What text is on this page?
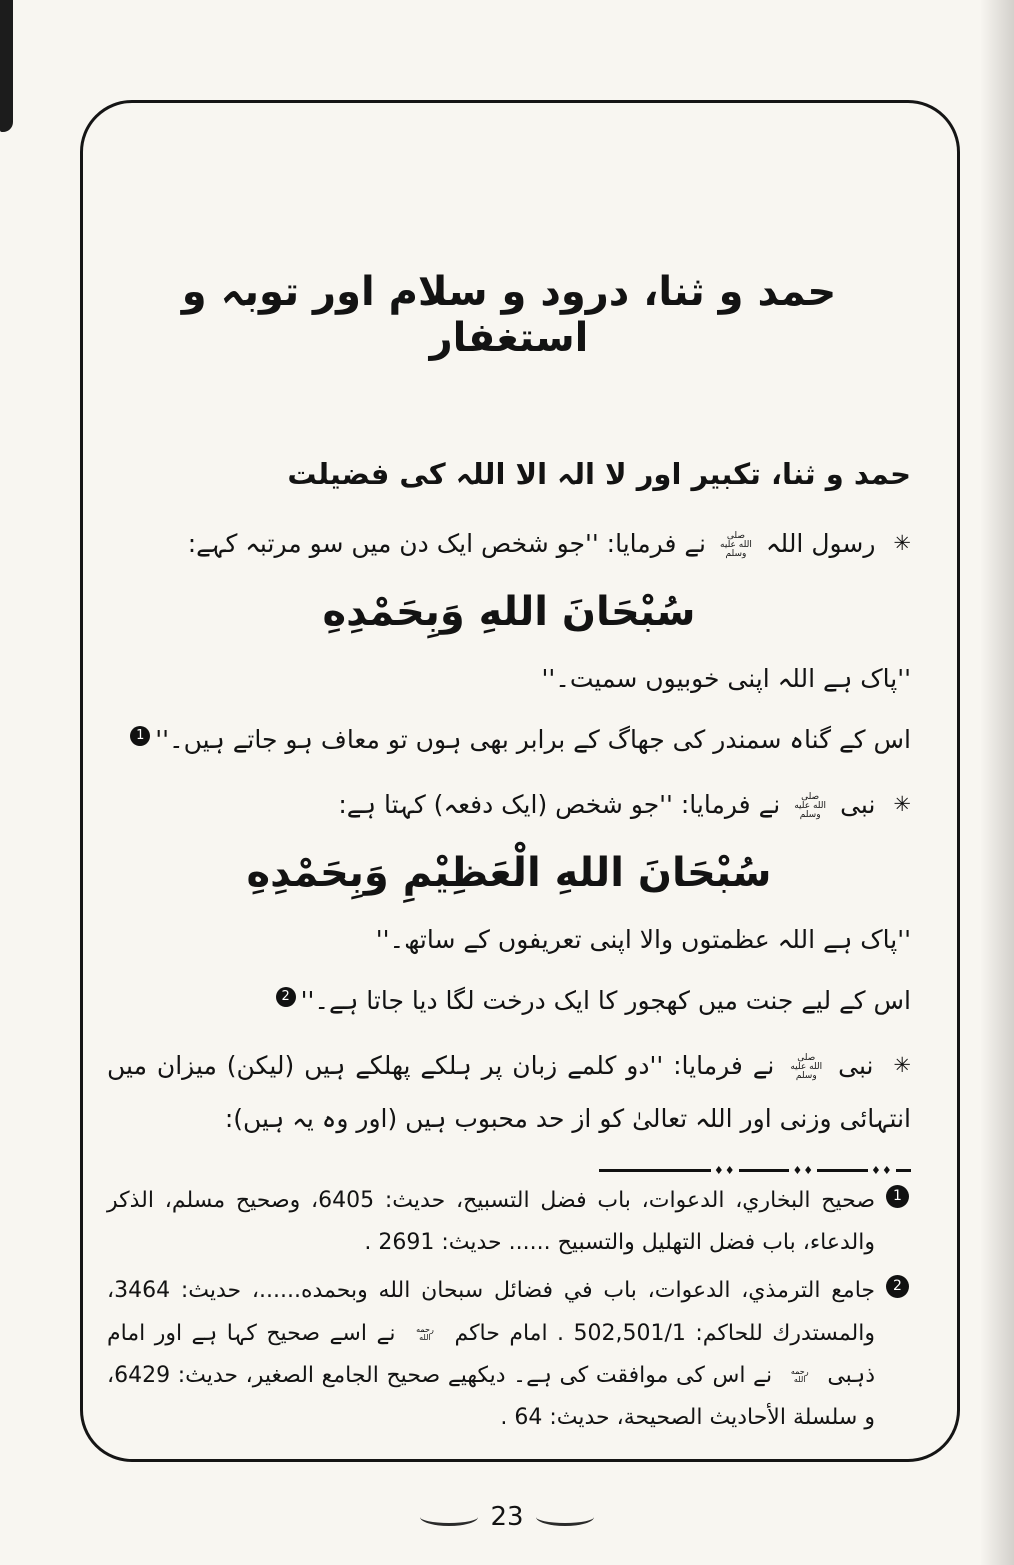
حمد و ثنا، درود و سلام اور توبہ و استغفار
حمد و ثنا، تکبیر اور لا الہ الا اللہ کی فضیلت

✳ رسول اللہ صلى الله عليه وسلم نے فرمایا: ''جو شخص ایک دن میں سو مرتبہ کہے:

سُبْحَانَ اللهِ وَبِحَمْدِهِ

''پاک ہے اللہ اپنی خوبیوں سمیت۔''

اس کے گناہ سمندر کی جھاگ کے برابر بھی ہوں تو معاف ہو جاتے ہیں۔''$^1$

✳ نبی صلى الله عليه وسلم نے فرمایا: ''جو شخص (ایک دفعہ) کہتا ہے:

سُبْحَانَ اللهِ الْعَظِيْمِ وَبِحَمْدِهِ

''پاک ہے اللہ عظمتوں والا اپنی تعریفوں کے ساتھ۔''

اس کے لیے جنت میں کھجور کا ایک درخت لگا دیا جاتا ہے۔''$^2$

✳ نبی صلى الله عليه وسلم نے فرمایا: ''دو کلمے زبان پر ہلکے پھلکے ہیں (لیکن) میزان میں انتہائی وزنی اور اللہ تعالیٰ کو از حد محبوب ہیں (اور وہ یہ ہیں):

♦♦	♦♦	♦♦
1
صحيح البخاري، الدعوات، باب فضل التسبيح، حديث: 6405، وصحيح مسلم، الذكر والدعاء، باب فضل التهليل والتسبيح ...... حديث: 2691 .
2
جامع الترمذي، الدعوات، باب في فضائل سبحان الله وبحمده......، حديث: 3464، والمستدرك للحاكم: 502,501/1 . امام حاكم رحمه الله نے اسے صحیح کہا ہے اور امام ذہبی رحمه الله نے اس کی موافقت کی ہے۔ دیکھیے صحیح الجامع الصغیر، حدیث: 6429، و سلسلة الأحاديث الصحيحة، حدیث: 64 .
23
